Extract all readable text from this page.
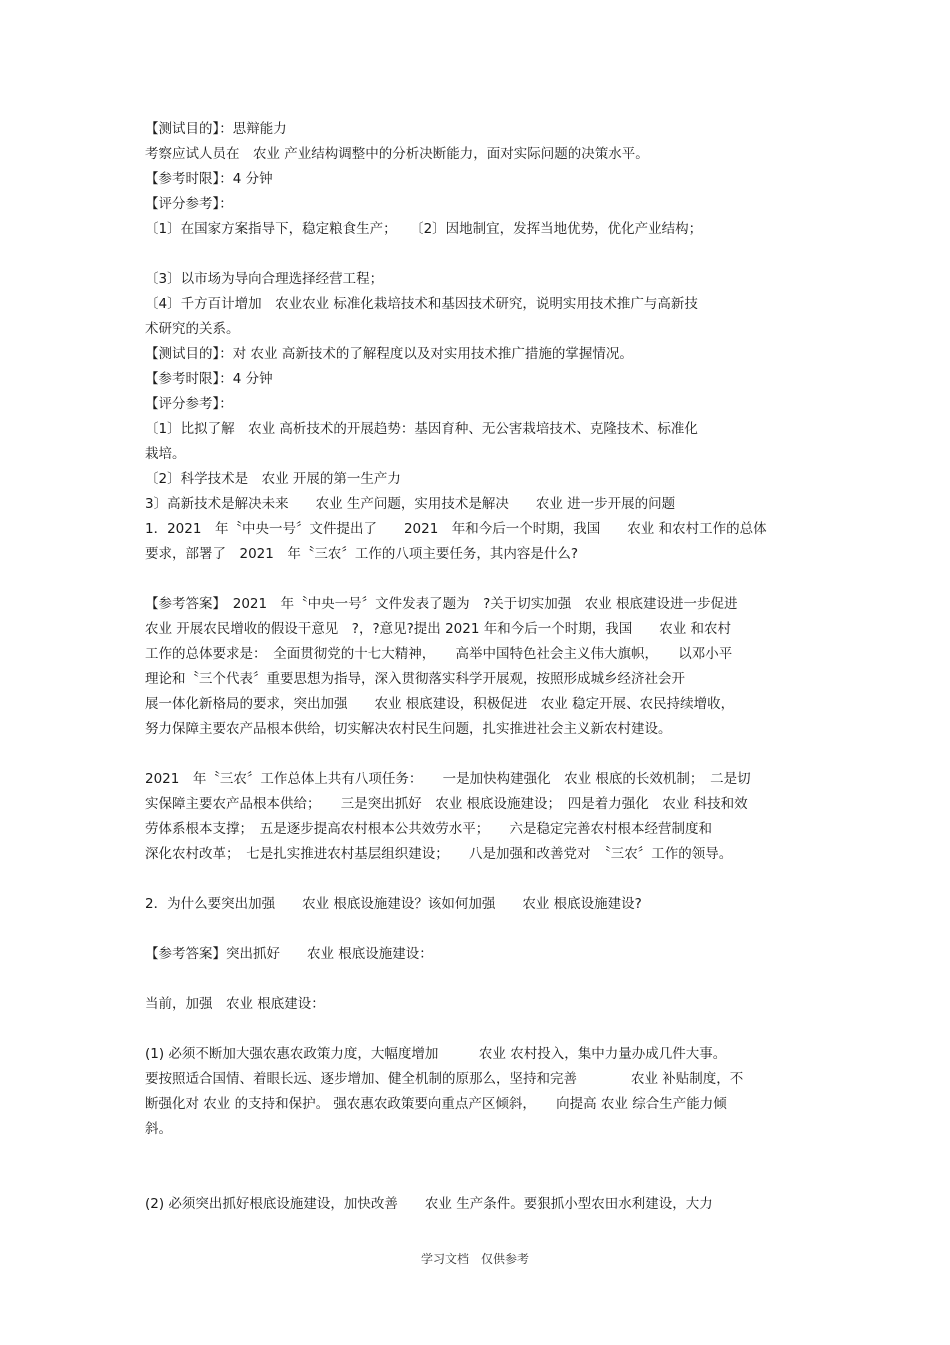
【测试目的】：思辩能力
考察应试人员在　农业 产业结构调整中的分析决断能力，面对实际问题的决策水平。
【参考时限】：4 分钟
【评分参考】：
〔1〕在国家方案指导下，稳定粮食生产；　　〔2〕因地制宜，发挥当地优势，优化产业结构；
〔3〕以市场为导向合理选择经营工程；
〔4〕千方百计增加　农业农业 标准化栽培技术和基因技术研究，说明实用技术推广与高新技
术研究的关系。
【测试目的】：对 农业 高新技术的了解程度以及对实用技术推广措施的掌握情况。
【参考时限】：4 分钟
【评分参考】：
〔1〕比拟了解　农业 高析技术的开展趋势：基因育种、无公害栽培技术、克隆技术、标准化
栽培。
〔2〕科学技术是　农业 开展的第一生产力
3〕高新技术是解决未来　　农业 生产问题，实用技术是解决　　农业 进一步开展的问题
1．2021　年〝中央一号〞文件提出了　　2021　年和今后一个时期，我国　　农业 和农村工作的总体
要求，部署了　2021　年〝三农〞工作的八项主要任务，其内容是什么?
【参考答案】　2021　年〝中央一号〞文件发表了题为　?关于切实加强　农业 根底建设进一步促进
农业 开展农民增收的假设干意见　?，?意见?提出 2021 年和今后一个时期，我国　　农业 和农村
工作的总体要求是：　全面贯彻党的十七大精神，　　高举中国特色社会主义伟大旗帜，　　以邓小平
理论和〝三个代表〞重要思想为指导，深入贯彻落实科学开展观，按照形成城乡经济社会开
展一体化新格局的要求，突出加强　　农业 根底建设，积极促进　农业 稳定开展、农民持续增收，
努力保障主要农产品根本供给，切实解决农村民生问题，扎实推进社会主义新农村建设。
2021　年〝三农〞工作总体上共有八项任务：　　一是加快构建强化　农业 根底的长效机制；　二是切
实保障主要农产品根本供给；　　三是突出抓好　农业 根底设施建设；　四是着力强化　农业 科技和效
劳体系根本支撑；　五是逐步提高农村根本公共效劳水平；　　六是稳定完善农村根本经营制度和
深化农村改革；　七是扎实推进农村基层组织建设；　　八是加强和改善党对　〝三农〞工作的领导。
2．为什么要突出加强　　农业 根底设施建设？该如何加强　　农业 根底设施建设?
【参考答案】突出抓好　　农业 根底设施建设：
当前，加强　农业 根底建设：
(1) 必须不断加大强农惠农政策力度，大幅度增加　　　农业 农村投入，集中力量办成几件大事。
要按照适合国情、着眼长远、逐步增加、健全机制的原那么，坚持和完善　　　　农业 补贴制度，不
断强化对 农业 的支持和保护。 强农惠农政策要向重点产区倾斜，　　向提高 农业 综合生产能力倾
斜。
(2) 必须突出抓好根底设施建设，加快改善　　农业 生产条件。要狠抓小型农田水利建设，大力
学习文档　仅供参考
